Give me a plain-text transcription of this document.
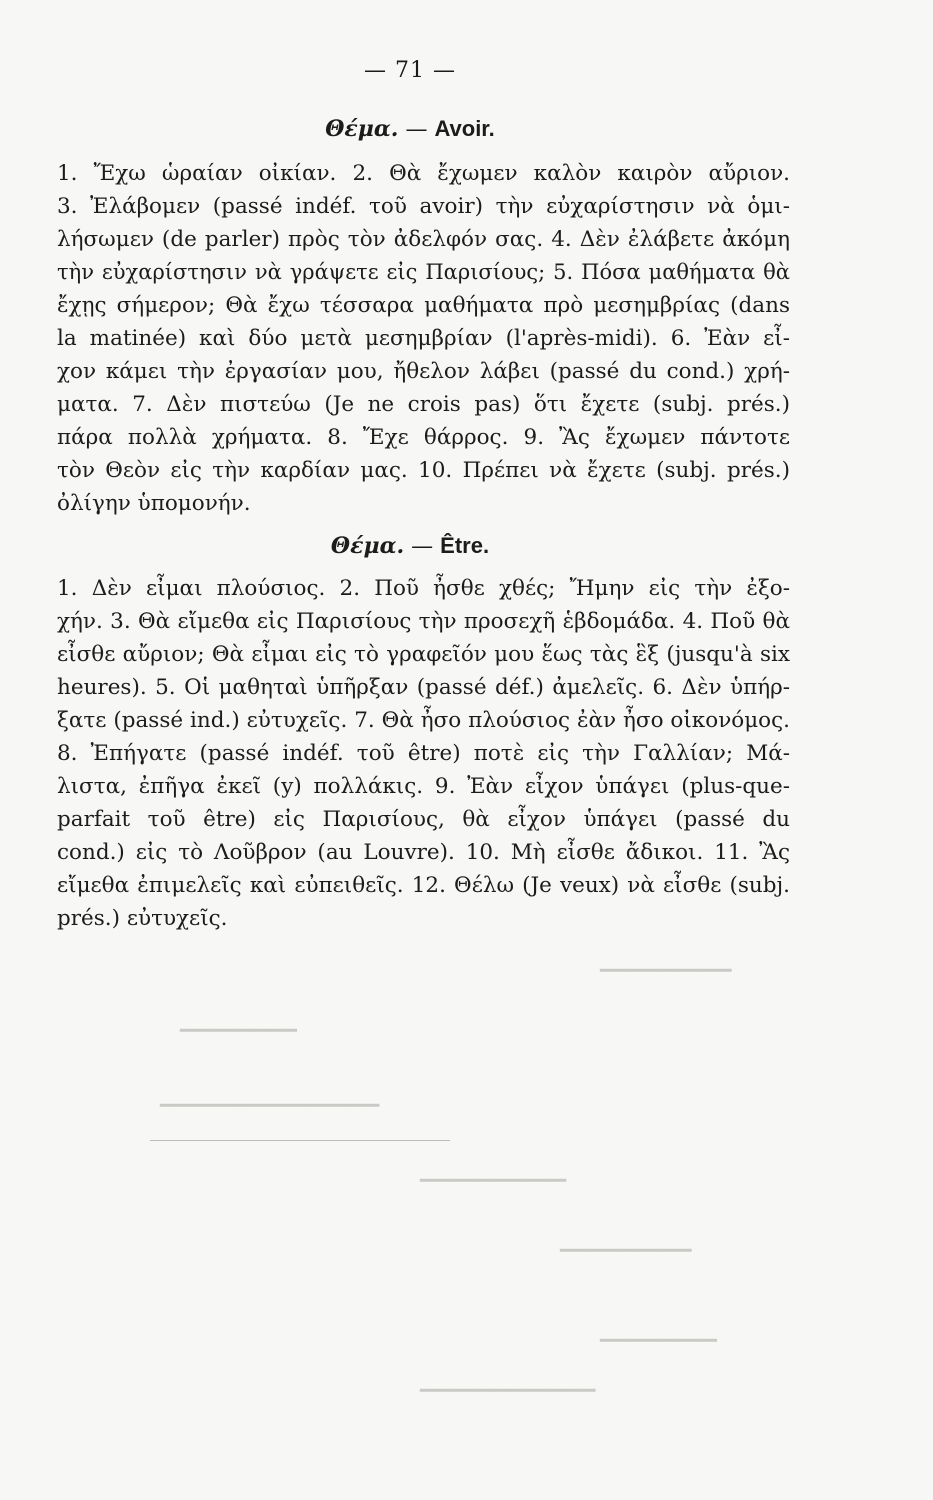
▁▁▁▁▁▁▁▁▁▁▁▁▁▁▁
▁▁▁▁▁▁▁▁▁▁
▁▁▁▁▁▁▁▁▁
▁▁▁▁▁▁▁▁
▁▁▁▁▁▁▁▁▁▁▁▁
▁▁▁▁▁▁▁▁
▁▁▁▁▁▁▁▁▁
— 71 —
Θέμα. — Avoir.
1. Ἔχω ὡραίαν οἰκίαν. 2. Θὰ ἔχωμεν καλὸν καιρὸν αὔριον.
3. Ἐλάβομεν (passé indéf. τοῦ avoir) τὴν εὐχαρίστησιν νὰ ὁμι-
λήσωμεν (de parler) πρὸς τὸν ἀδελφόν σας. 4. Δὲν ἐλάβετε ἀκόμη
τὴν εὐχαρίστησιν νὰ γράψετε εἰς Παρισίους; 5. Πόσα μαθήματα θὰ
ἔχῃς σήμερον; Θὰ ἔχω τέσσαρα μαθήματα πρὸ μεσημβρίας (dans
la matinée) καὶ δύο μετὰ μεσημβρίαν (l'après-midi). 6. Ἐὰν εἶ-
χον κάμει τὴν ἐργασίαν μου, ἤθελον λάβει (passé du cond.) χρή-
ματα. 7. Δὲν πιστεύω (Je ne crois pas) ὅτι ἔχετε (subj. prés.)
πάρα πολλὰ χρήματα. 8. Ἔχε θάρρος. 9. Ἂς ἔχωμεν πάντοτε
τὸν Θεὸν εἰς τὴν καρδίαν μας. 10. Πρέπει νὰ ἔχετε (subj. prés.)
ὀλίγην ὑπομονήν.
Θέμα. — Être.
1. Δὲν εἶμαι πλούσιος. 2. Ποῦ ἦσθε χθές; Ἤμην εἰς τὴν ἐξο-
χήν. 3. Θὰ εἴμεθα εἰς Παρισίους τὴν προσεχῆ ἑβδομάδα. 4. Ποῦ θὰ
εἶσθε αὔριον; Θὰ εἶμαι εἰς τὸ γραφεῖόν μου ἕως τὰς ἓξ (jusqu'à six
heures). 5. Οἱ μαθηταὶ ὑπῆρξαν (passé déf.) ἀμελεῖς. 6. Δὲν ὑπήρ-
ξατε (passé ind.) εὐτυχεῖς. 7. Θὰ ἦσο πλούσιος ἐὰν ἦσο οἰκονόμος.
8. Ἐπήγατε (passé indéf. τοῦ être) ποτὲ εἰς τὴν Γαλλίαν; Μά-
λιστα, ἐπῆγα ἐκεῖ (y) πολλάκις. 9. Ἐὰν εἶχον ὑπάγει (plus-que-
parfait τοῦ être) εἰς Παρισίους, θὰ εἶχον ὑπάγει (passé du
cond.) εἰς τὸ Λοῦβρον (au Louvre). 10. Μὴ εἶσθε ἄδικοι. 11. Ἂς
εἴμεθα ἐπιμελεῖς καὶ εὐπειθεῖς. 12. Θέλω (Je veux) νὰ εἶσθε (subj.
prés.) εὐτυχεῖς.
